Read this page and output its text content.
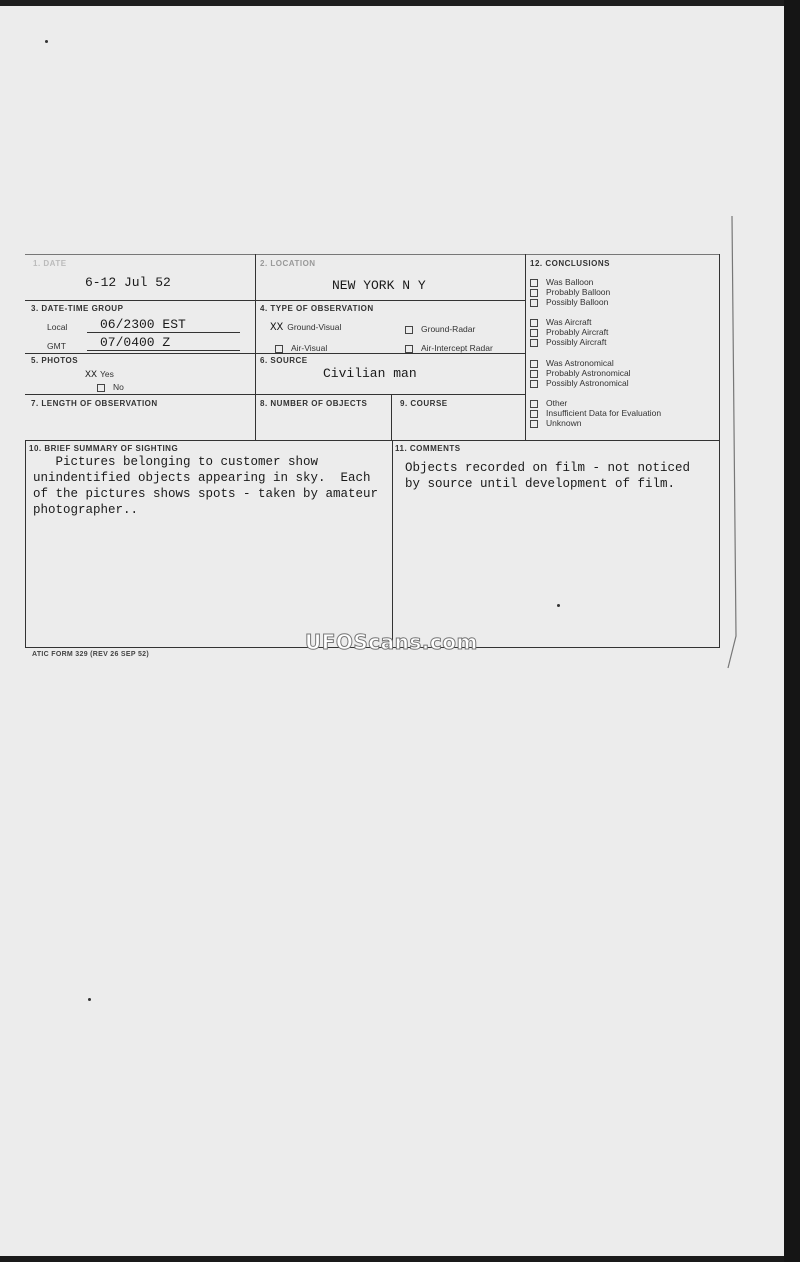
1. DATE
6-12 Jul 52
2. LOCATION
NEW YORK N Y
3. DATE-TIME GROUP
Local	06/2300 EST
GMT	07/0400 Z
4. TYPE OF OBSERVATION
XX Ground-Visual	Ground-Radar
Air-Visual	Air-Intercept Radar
5. PHOTOS
XX Yes
No
6. SOURCE
Civilian man
7. LENGTH OF OBSERVATION	8. NUMBER OF OBJECTS	9. COURSE
12. CONCLUSIONS
Was Balloon
Probably Balloon
Possibly Balloon
Was Aircraft
Probably Aircraft
Possibly Aircraft
Was Astronomical
Probably Astronomical
Possibly Astronomical
Other
Insufficient Data for Evaluation
Unknown
10. BRIEF SUMMARY OF SIGHTING
Pictures belonging to customer show
unindentified objects appearing in sky.  Each
of the pictures shows spots - taken by amateur
photographer..
11. COMMENTS
Objects recorded on film - not noticed
by source until development of film.
UFOScans.com
ATIC FORM 329 (REV 26 SEP 52)
